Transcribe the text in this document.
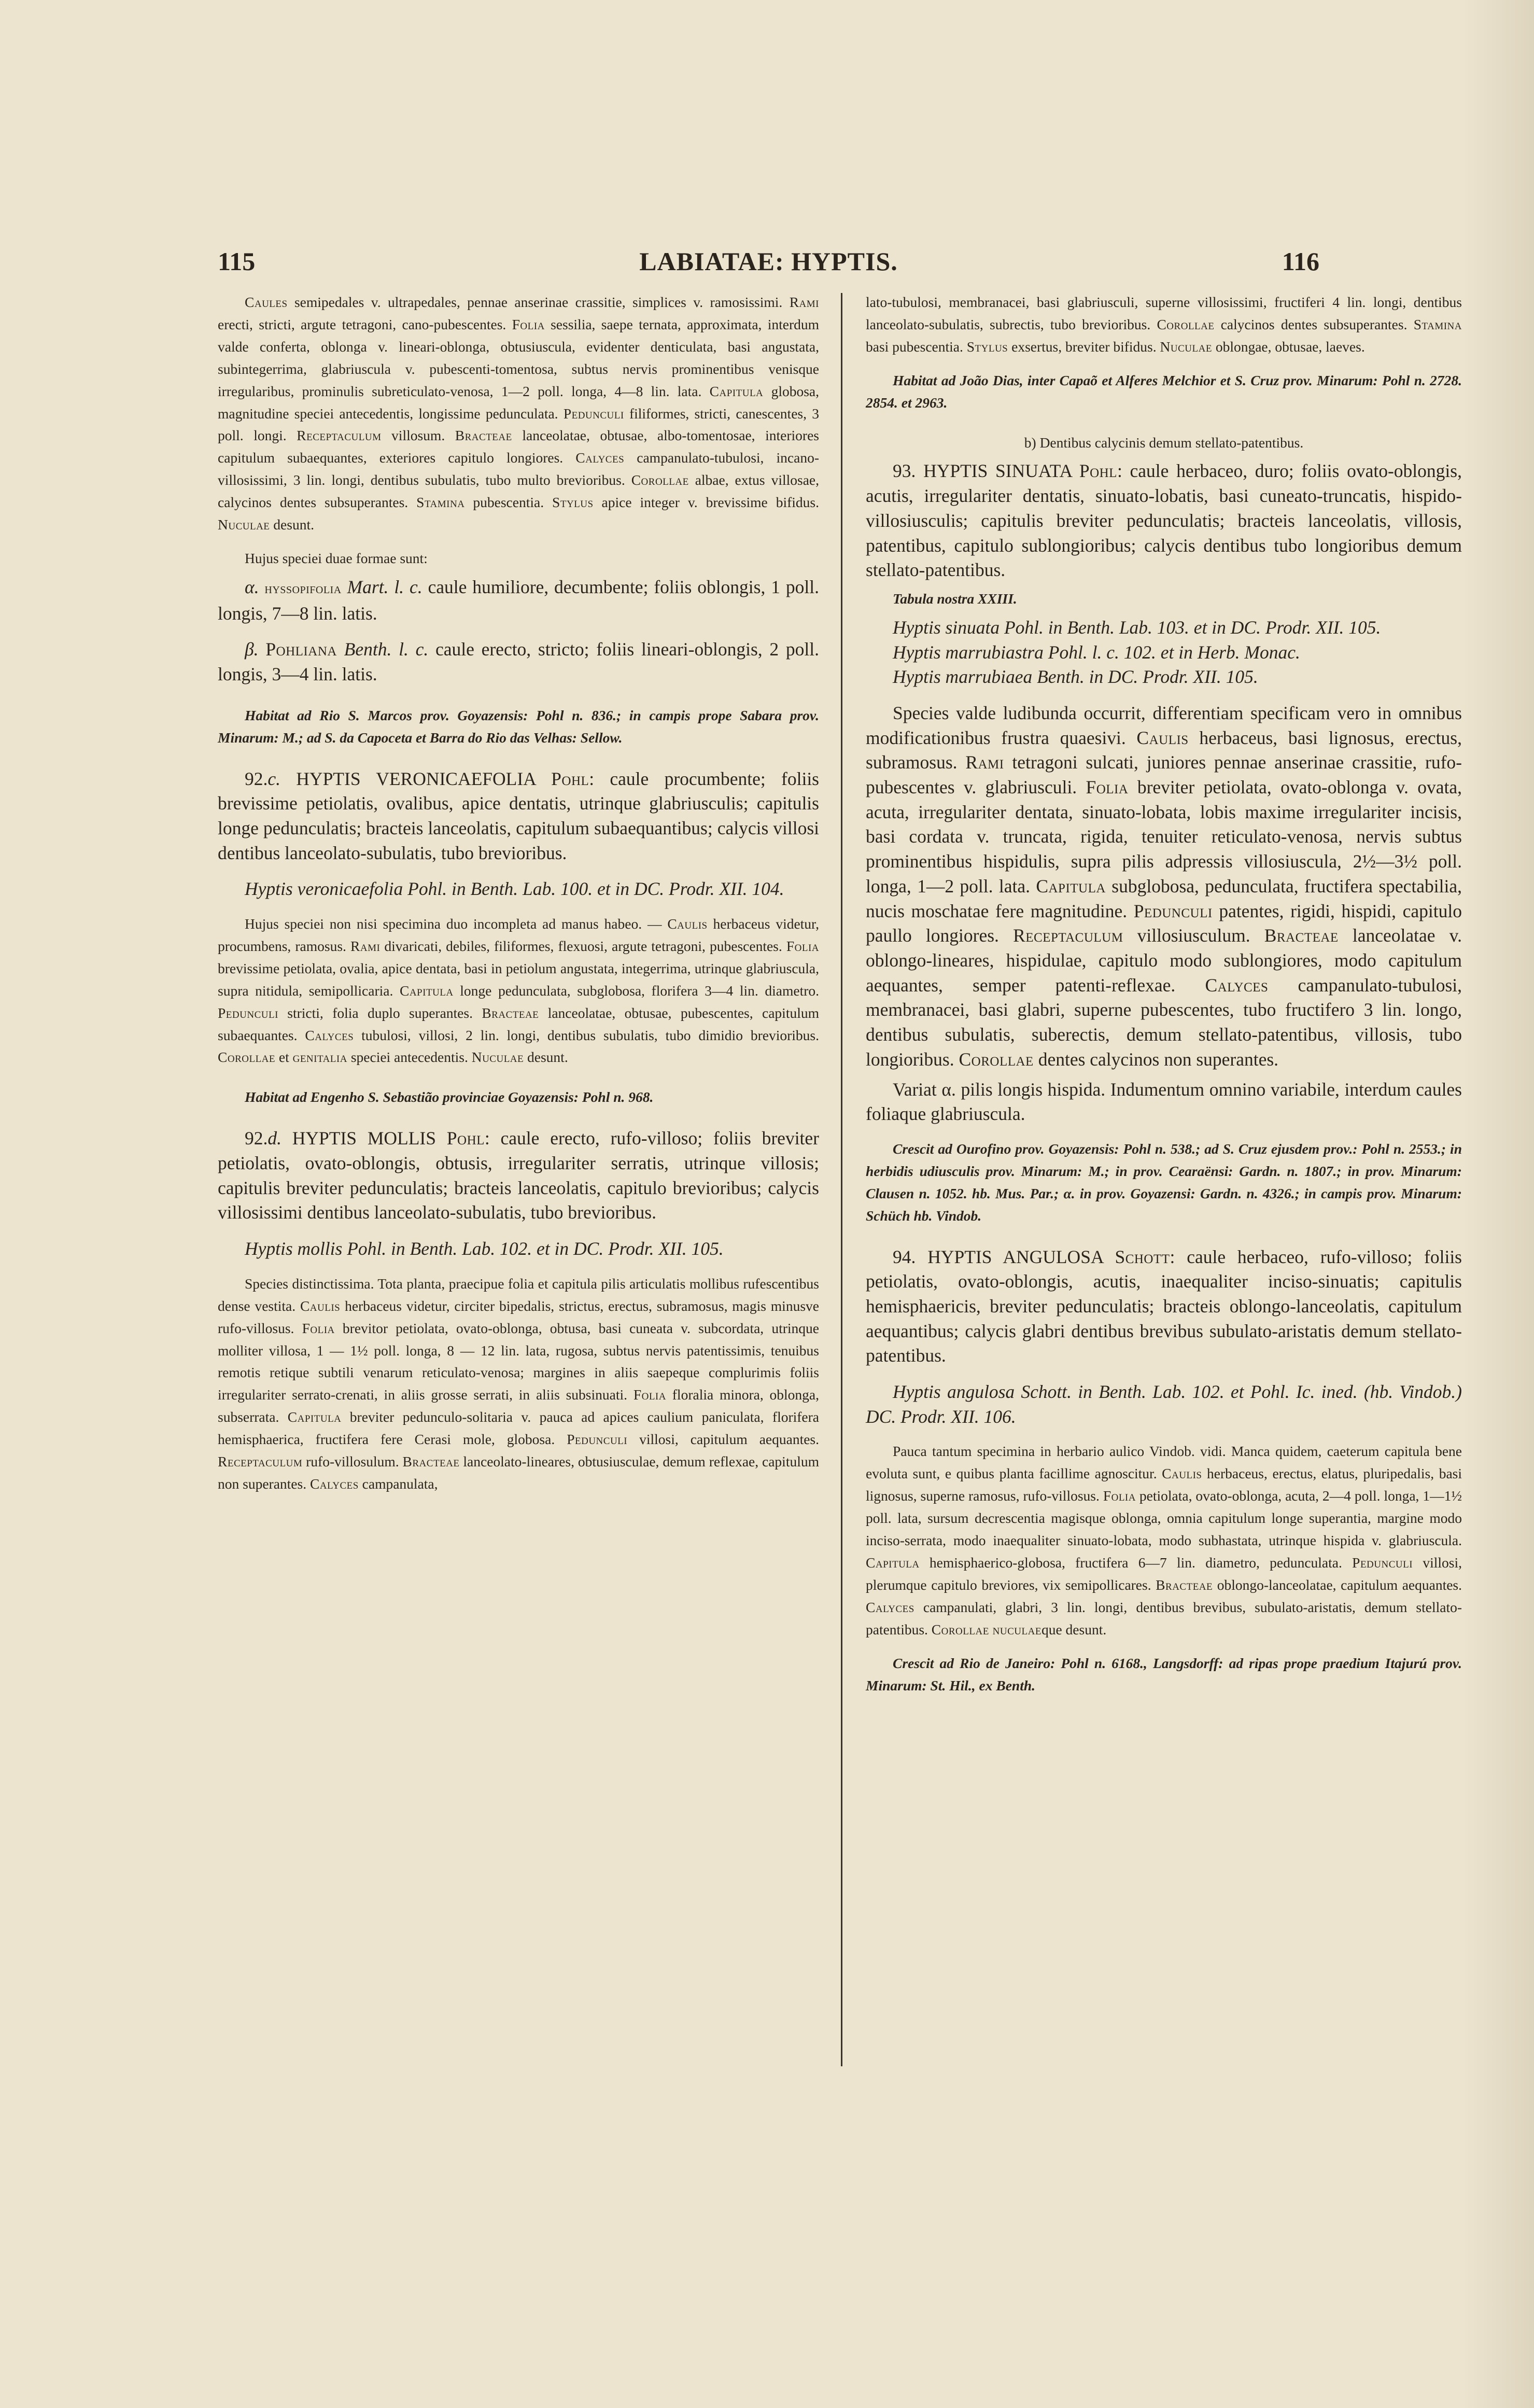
115	LABIATAE: HYPTIS.	116

Caules semipedales v. ultrapedales, pennae anserinae crassitie, simplices v. ramosissimi. Rami erecti, stricti, argute tetragoni, cano-pubescentes. Folia sessilia, saepe ternata, approximata, interdum valde conferta, oblonga v. lineari-oblonga, obtusiuscula, evidenter denticulata, basi angustata, subintegerrima, glabriuscula v. pubescenti-tomentosa, subtus nervis prominentibus venisque irregularibus, prominulis subreticulato-venosa, 1—2 poll. longa, 4—8 lin. lata. Capitula globosa, magnitudine speciei antecedentis, longissime pedunculata. Pedunculi filiformes, stricti, canescentes, 3 poll. longi. Receptaculum villosum. Bracteae lanceolatae, obtusae, albo-tomentosae, interiores capitulum subaequantes, exteriores capitulo longiores. Calyces campanulato-tubulosi, incano-villosissimi, 3 lin. longi, dentibus subulatis, tubo multo brevioribus. Corollae albae, extus villosae, calycinos dentes subsuperantes. Stamina pubescentia. Stylus apice integer v. brevissime bifidus. Nuculae desunt.

Hujus speciei duae formae sunt:

α. hyssopifolia Mart. l. c. caule humiliore, decumbente; foliis oblongis, 1 poll. longis, 7—8 lin. latis.

β. Pohliana Benth. l. c. caule erecto, stricto; foliis lineari-oblongis, 2 poll. longis, 3—4 lin. latis.

Habitat ad Rio S. Marcos prov. Goyazensis: Pohl n. 836.; in campis prope Sabara prov. Minarum: M.; ad S. da Capoceta et Barra do Rio das Velhas: Sellow.

92.c. HYPTIS VERONICAEFOLIA Pohl: caule procumbente; foliis brevissime petiolatis, ovalibus, apice dentatis, utrinque glabriusculis; capitulis longe pedunculatis; bracteis lanceolatis, capitulum subaequantibus; calycis villosi dentibus lanceolato-subulatis, tubo brevioribus.

Hyptis veronicaefolia Pohl. in Benth. Lab. 100. et in DC. Prodr. XII. 104.

Hujus speciei non nisi specimina duo incompleta ad manus habeo. — Caulis herbaceus videtur, procumbens, ramosus. Rami divaricati, debiles, filiformes, flexuosi, argute tetragoni, pubescentes. Folia brevissime petiolata, ovalia, apice dentata, basi in petiolum angustata, integerrima, utrinque glabriuscula, supra nitidula, semipollicaria. Capitula longe pedunculata, subglobosa, florifera 3—4 lin. diametro. Pedunculi stricti, folia duplo superantes. Bracteae lanceolatae, obtusae, pubescentes, capitulum subaequantes. Calyces tubulosi, villosi, 2 lin. longi, dentibus subulatis, tubo dimidio brevioribus. Corollae et genitalia speciei antecedentis. Nuculae desunt.

Habitat ad Engenho S. Sebastião provinciae Goyazensis: Pohl n. 968.

92.d. HYPTIS MOLLIS Pohl: caule erecto, rufo-villoso; foliis breviter petiolatis, ovato-oblongis, obtusis, irregulariter serratis, utrinque villosis; capitulis breviter pedunculatis; bracteis lanceolatis, capitulo brevioribus; calycis villosissimi dentibus lanceolato-subulatis, tubo brevioribus.

Hyptis mollis Pohl. in Benth. Lab. 102. et in DC. Prodr. XII. 105.

Species distinctissima. Tota planta, praecipue folia et capitula pilis articulatis mollibus rufescentibus dense vestita. Caulis herbaceus videtur, circiter bipedalis, strictus, erectus, subramosus, magis minusve rufo-villosus. Folia brevitor petiolata, ovato-oblonga, obtusa, basi cuneata v. subcordata, utrinque molliter villosa, 1 — 1½ poll. longa, 8 — 12 lin. lata, rugosa, subtus nervis patentissimis, tenuibus remotis retique subtili venarum reticulato-venosa; margines in aliis saepeque complurimis foliis irregulariter serrato-crenati, in aliis grosse serrati, in aliis subsinuati. Folia floralia minora, oblonga, subserrata. Capitula breviter pedunculo-solitaria v. pauca ad apices caulium paniculata, florifera hemisphaerica, fructifera fere Cerasi mole, globosa. Pedunculi villosi, capitulum aequantes. Receptaculum rufo-villosulum. Bracteae lanceolato-lineares, obtusiusculae, demum reflexae, capitulum non superantes. Calyces campanulata,

lato-tubulosi, membranacei, basi glabriusculi, superne villosissimi, fructiferi 4 lin. longi, dentibus lanceolato-subulatis, subrectis, tubo brevioribus. Corollae calycinos dentes subsuperantes. Stamina basi pubescentia. Stylus exsertus, breviter bifidus. Nuculae oblongae, obtusae, laeves.

Habitat ad João Dias, inter Capaõ et Alferes Melchior et S. Cruz prov. Minarum: Pohl n. 2728. 2854. et 2963.

b) Dentibus calycinis demum stellato-patentibus.

93. HYPTIS SINUATA Pohl: caule herbaceo, duro; foliis ovato-oblongis, acutis, irregulariter dentatis, sinuato-lobatis, basi cuneato-truncatis, hispido-villosiusculis; capitulis breviter pedunculatis; bracteis lanceolatis, villosis, patentibus, capitulo sublongioribus; calycis dentibus tubo longioribus demum stellato-patentibus.

Tabula nostra XXIII.

Hyptis sinuata Pohl. in Benth. Lab. 103. et in DC. Prodr. XII. 105.

Hyptis marrubiastra Pohl. l. c. 102. et in Herb. Monac.

Hyptis marrubiaea Benth. in DC. Prodr. XII. 105.

Species valde ludibunda occurrit, differentiam specificam vero in omnibus modificationibus frustra quaesivi. Caulis herbaceus, basi lignosus, erectus, subramosus. Rami tetragoni sulcati, juniores pennae anserinae crassitie, rufo-pubescentes v. glabriusculi. Folia breviter petiolata, ovato-oblonga v. ovata, acuta, irregulariter dentata, sinuato-lobata, lobis maxime irregulariter incisis, basi cordata v. truncata, rigida, tenuiter reticulato-venosa, nervis subtus prominentibus hispidulis, supra pilis adpressis villosiuscula, 2½—3½ poll. longa, 1—2 poll. lata. Capitula subglobosa, pedunculata, fructifera spectabilia, nucis moschatae fere magnitudine. Pedunculi patentes, rigidi, hispidi, capitulo paullo longiores. Receptaculum villosiusculum. Bracteae lanceolatae v. oblongo-lineares, hispidulae, capitulo modo sublongiores, modo capitulum aequantes, semper patenti-reflexae. Calyces campanulato-tubulosi, membranacei, basi glabri, superne pubescentes, tubo fructifero 3 lin. longo, dentibus subulatis, suberectis, demum stellato-patentibus, villosis, tubo longioribus. Corollae dentes calycinos non superantes.

Variat α. pilis longis hispida. Indumentum omnino variabile, interdum caules foliaque glabriuscula.

Crescit ad Ourofino prov. Goyazensis: Pohl n. 538.; ad S. Cruz ejusdem prov.: Pohl n. 2553.; in herbidis udiusculis prov. Minarum: M.; in prov. Cearaënsi: Gardn. n. 1807.; in prov. Minarum: Clausen n. 1052. hb. Mus. Par.; α. in prov. Goyazensi: Gardn. n. 4326.; in campis prov. Minarum: Schüch hb. Vindob.

94. HYPTIS ANGULOSA Schott: caule herbaceo, rufo-villoso; foliis petiolatis, ovato-oblongis, acutis, inaequaliter inciso-sinuatis; capitulis hemisphaericis, breviter pedunculatis; bracteis oblongo-lanceolatis, capitulum aequantibus; calycis glabri dentibus brevibus subulato-aristatis demum stellato-patentibus.

Hyptis angulosa Schott. in Benth. Lab. 102. et Pohl. Ic. ined. (hb. Vindob.) DC. Prodr. XII. 106.

Pauca tantum specimina in herbario aulico Vindob. vidi. Manca quidem, caeterum capitula bene evoluta sunt, e quibus planta facillime agnoscitur. Caulis herbaceus, erectus, elatus, pluripedalis, basi lignosus, superne ramosus, rufo-villosus. Folia petiolata, ovato-oblonga, acuta, 2—4 poll. longa, 1—1½ poll. lata, sursum decrescentia magisque oblonga, omnia capitulum longe superantia, margine modo inciso-serrata, modo inaequaliter sinuato-lobata, modo subhastata, utrinque hispida v. glabriuscula. Capitula hemisphaerico-globosa, fructifera 6—7 lin. diametro, pedunculata. Pedunculi villosi, plerumque capitulo breviores, vix semipollicares. Bracteae oblongo-lanceolatae, capitulum aequantes. Calyces campanulati, glabri, 3 lin. longi, dentibus brevibus, subulato-aristatis, demum stellato-patentibus. Corollae nuculaeque desunt.

Crescit ad Rio de Janeiro: Pohl n. 6168., Langsdorff: ad ripas prope praedium Itajurú prov. Minarum: St. Hil., ex Benth.
